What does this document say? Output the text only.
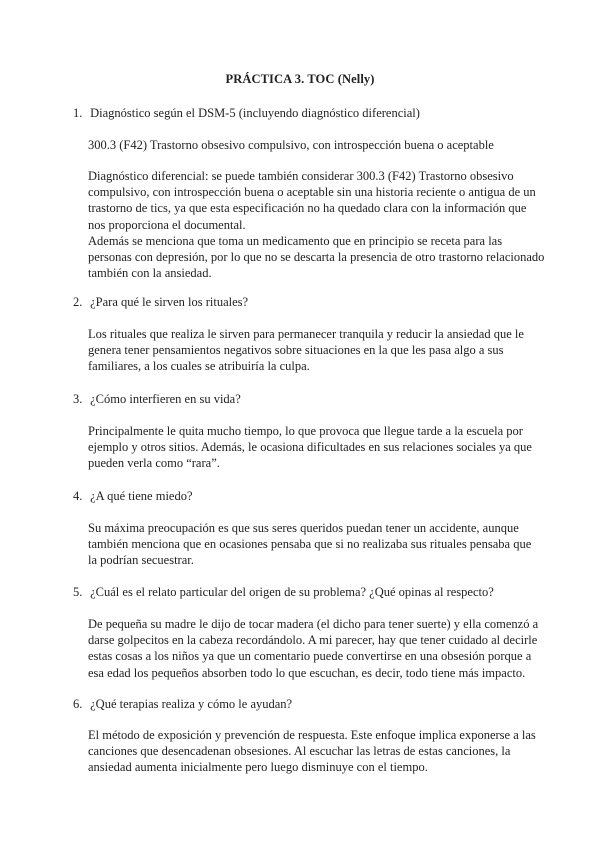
PRÁCTICA 3. TOC (Nelly)
1. Diagnóstico según el DSM-5 (incluyendo diagnóstico diferencial)
300.3 (F42) Trastorno obsesivo compulsivo, con introspección buena o aceptable
Diagnóstico diferencial: se puede también considerar 300.3 (F42) Trastorno obsesivo
compulsivo, con introspección buena o aceptable sin una historia reciente o antigua de un
trastorno de tics, ya que esta especificación no ha quedado clara con la información que
nos proporciona el documental.
Además se menciona que toma un medicamento que en principio se receta para las
personas con depresión, por lo que no se descarta la presencia de otro trastorno relacionado
también con la ansiedad.
2. ¿Para qué le sirven los rituales?
Los rituales que realiza le sirven para permanecer tranquila y reducir la ansiedad que le
genera tener pensamientos negativos sobre situaciones en la que les pasa algo a sus
familiares, a los cuales se atribuiría la culpa.
3. ¿Cómo interfieren en su vida?
Principalmente le quita mucho tiempo, lo que provoca que llegue tarde a la escuela por
ejemplo y otros sitios. Además, le ocasiona dificultades en sus relaciones sociales ya que
pueden verla como “rara”.
4. ¿A qué tiene miedo?
Su máxima preocupación es que sus seres queridos puedan tener un accidente, aunque
también menciona que en ocasiones pensaba que si no realizaba sus rituales pensaba que
la podrían secuestrar.
5. ¿Cuál es el relato particular del origen de su problema? ¿Qué opinas al respecto?
De pequeña su madre le dijo de tocar madera (el dicho para tener suerte) y ella comenzó a
darse golpecitos en la cabeza recordándolo. A mi parecer, hay que tener cuidado al decirle
estas cosas a los niños ya que un comentario puede convertirse en una obsesión porque a
esa edad los pequeños absorben todo lo que escuchan, es decir, todo tiene más impacto.
6. ¿Qué terapias realiza y cómo le ayudan?
El método de exposición y prevención de respuesta. Este enfoque implica exponerse a las
canciones que desencadenan obsesiones. Al escuchar las letras de estas canciones, la
ansiedad aumenta inicialmente pero luego disminuye con el tiempo.
